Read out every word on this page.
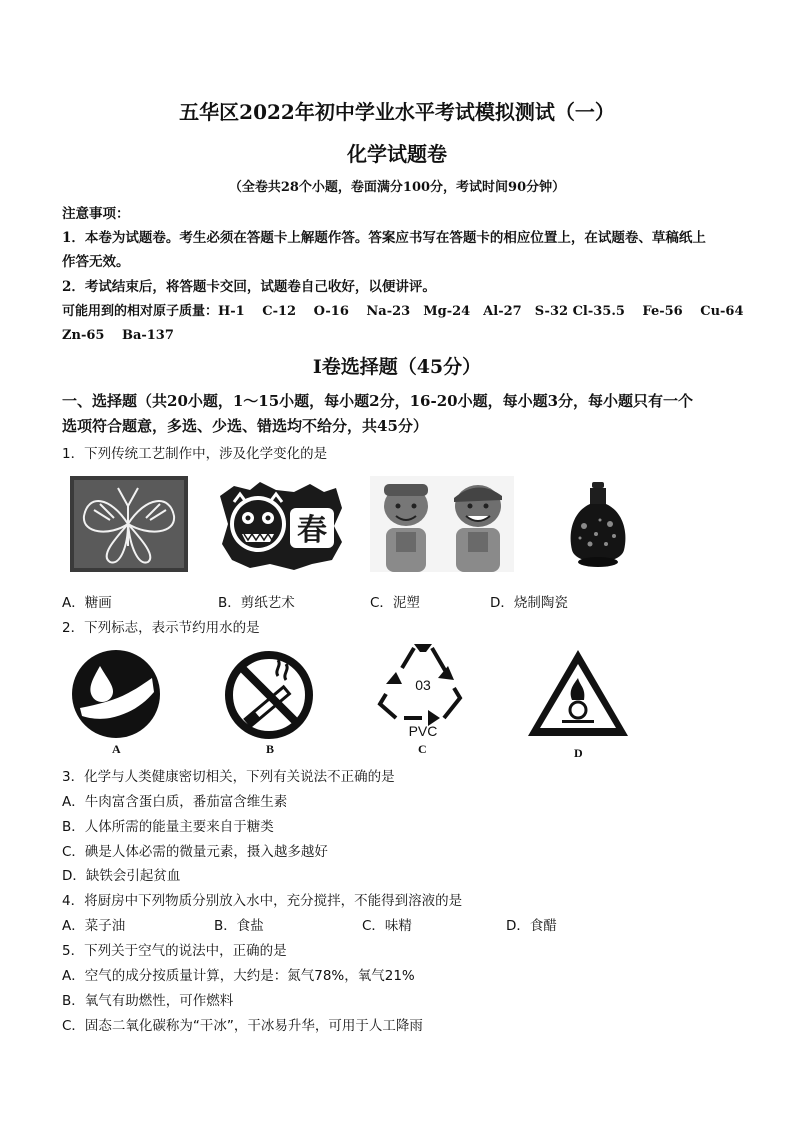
五华区2022年初中学业水平考试模拟测试（一）
化学试题卷
（全卷共28个小题，卷面满分100分，考试时间90分钟）
注意事项：
1．本卷为试题卷。考生必须在答题卡上解题作答。答案应书写在答题卡的相应位置上，在试题卷、草稿纸上
作答无效。
2．考试结束后，将答题卡交回，试题卷自己收好，以便讲评。
可能用到的相对原子质量：H-1　 C-12　 O-16　 Na-23　Mg-24　Al-27　S-32 Cl-35.5　 Fe-56　 Cu-64
Zn-65　 Ba-137
I卷选择题（45分）
一、选择题（共20小题，1～15小题，每小题2分，16-20小题，每小题3分，每小题只有一个
选项符合题意，多选、少选、错选均不给分，共45分）
1．下列传统工艺制作中，涉及化学变化的是
春
A．糖画	B．剪纸艺术	C．泥塑	D．烧制陶瓷
2．下列标志，表示节约用水的是
03
PVC
A	B	C	D
3．化学与人类健康密切相关，下列有关说法不正确的是
A．牛肉富含蛋白质，番茄富含维生素
B．人体所需的能量主要来自于糖类
C．碘是人体必需的微量元素，摄入越多越好
D．缺铁会引起贫血
4．将厨房中下列物质分别放入水中，充分搅拌，不能得到溶液的是
A．菜子油	B．食盐	C．味精	D．食醋
5．下列关于空气的说法中，正确的是
A．空气的成分按质量计算，大约是：氮气78%，氧气21%
B．氧气有助燃性，可作燃料
C．固态二氧化碳称为“干冰”，干冰易升华，可用于人工降雨
